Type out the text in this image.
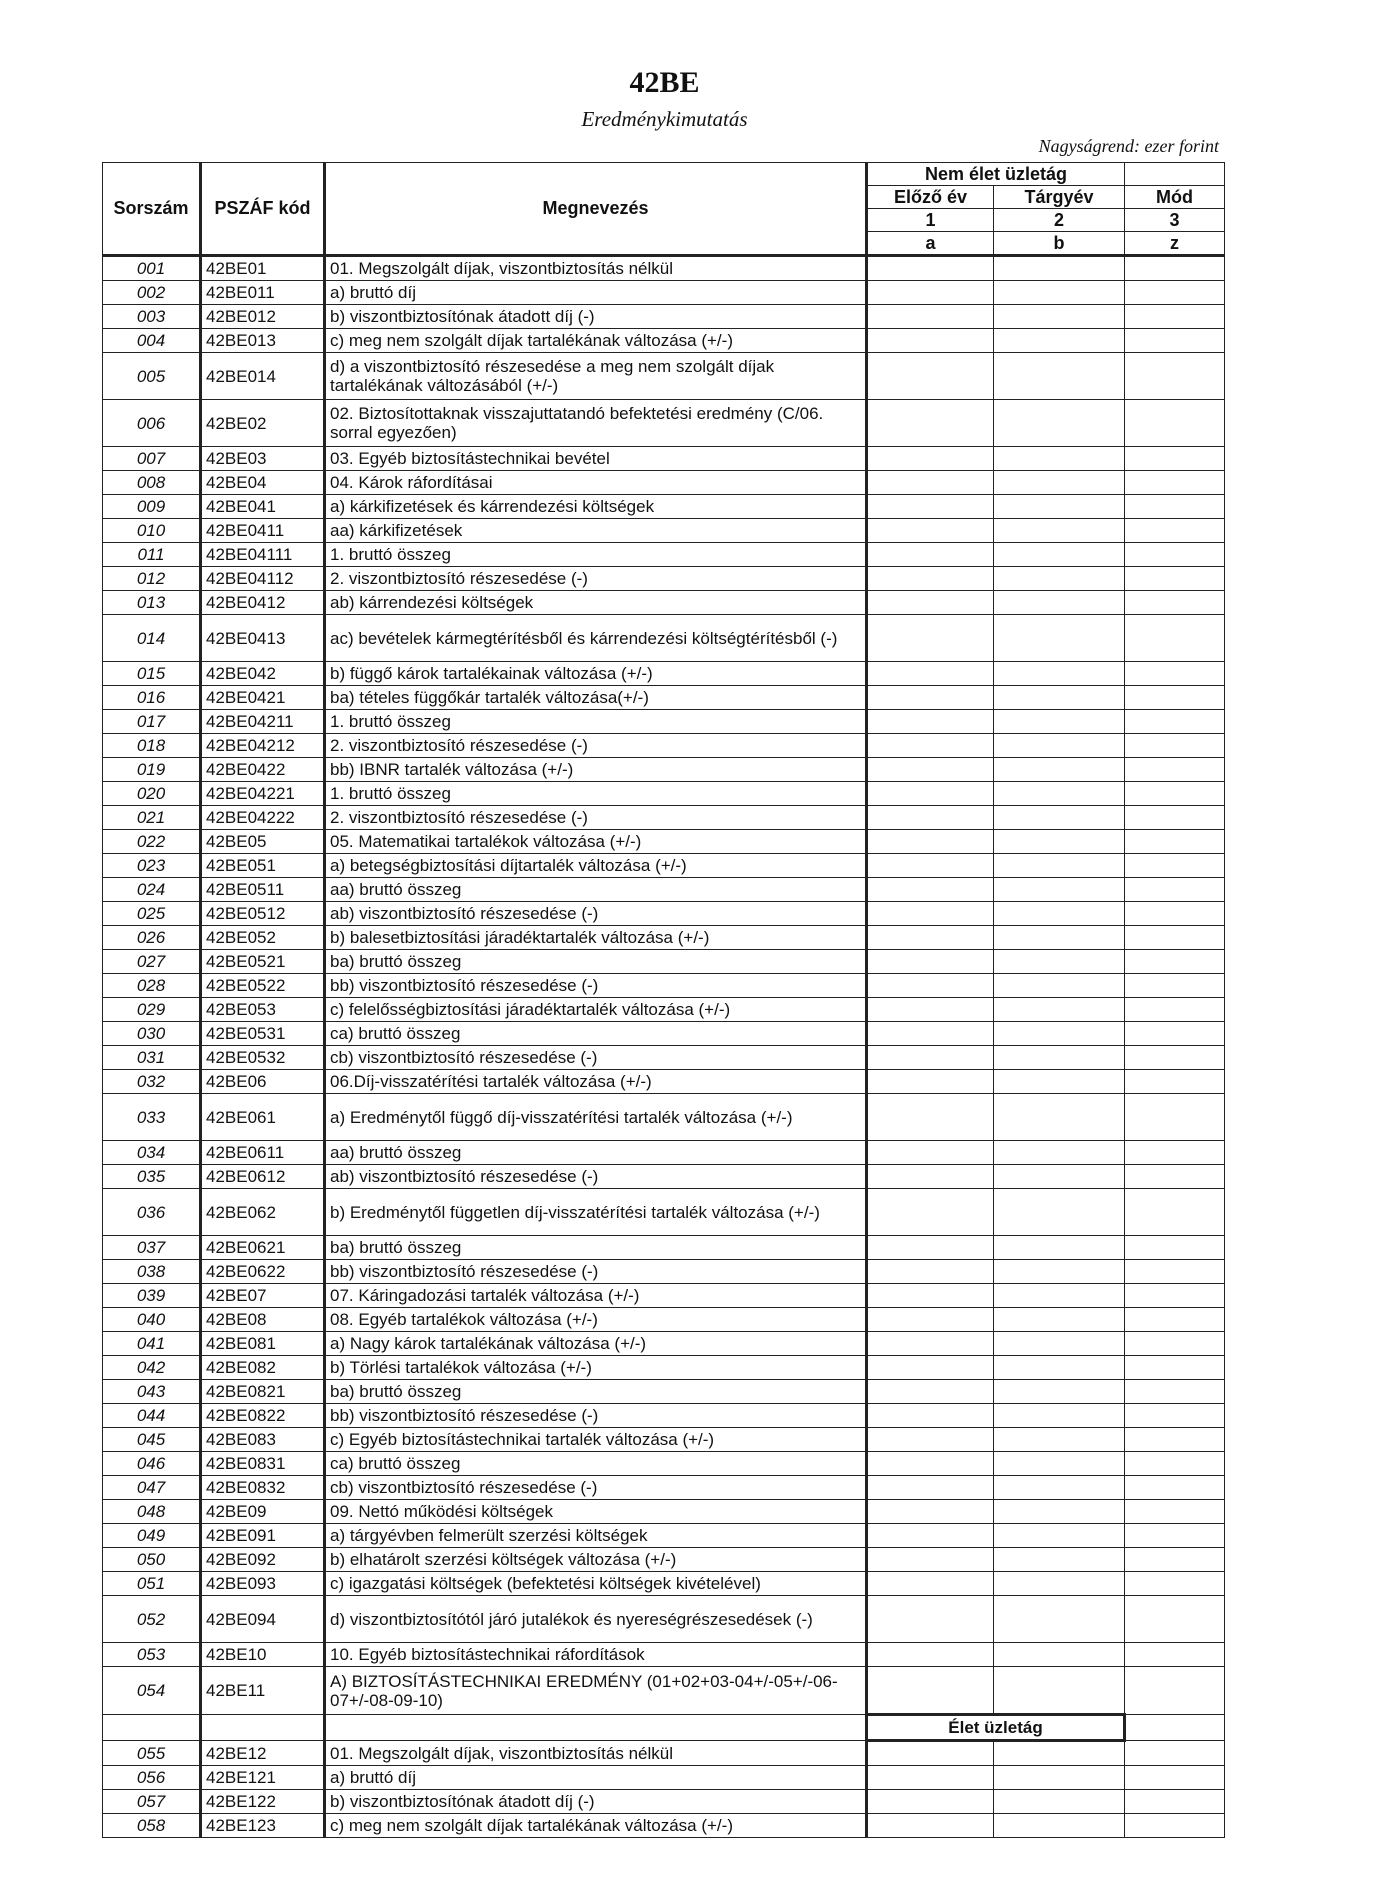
42BE
Eredménykimutatás
Nagyságrend: ezer forint
Sorszám	PSZÁF kód	Megnevezés	Nem élet üzletág		
			Előző év	Tárgyév	Mód
			1	2	3
			a	b	z
001	42BE01	01. Megszolgált díjak, viszontbiztosítás nélkül			
002	42BE011	a) bruttó díj			
003	42BE012	b) viszontbiztosítónak átadott díj (-)			
004	42BE013	c) meg nem szolgált díjak tartalékának változása (+/-)			
005	42BE014	d) a viszontbiztosító részesedése a meg nem szolgált díjak tartalékának változásából (+/-)			
006	42BE02	02. Biztosítottaknak visszajuttatandó befektetési eredmény (C/06. sorral egyezően)			
007	42BE03	03. Egyéb biztosítástechnikai bevétel			
008	42BE04	04. Károk ráfordításai			
009	42BE041	a) kárkifizetések és kárrendezési költségek			
010	42BE0411	aa) kárkifizetések			
011	42BE04111	1. bruttó összeg			
012	42BE04112	2. viszontbiztosító részesedése (-)			
013	42BE0412	ab) kárrendezési költségek			
014	42BE0413	ac) bevételek kármegtérítésből és kárrendezési költségtérítésből (-)			
015	42BE042	b) függő károk tartalékainak változása (+/-)			
016	42BE0421	ba) tételes függőkár tartalék változása(+/-)			
017	42BE04211	1. bruttó összeg			
018	42BE04212	2. viszontbiztosító részesedése (-)			
019	42BE0422	bb) IBNR tartalék változása (+/-)			
020	42BE04221	1. bruttó összeg			
021	42BE04222	2. viszontbiztosító részesedése (-)			
022	42BE05	05. Matematikai tartalékok változása (+/-)			
023	42BE051	a) betegségbiztosítási díjtartalék változása (+/-)			
024	42BE0511	aa) bruttó összeg			
025	42BE0512	ab) viszontbiztosító részesedése (-)			
026	42BE052	b) balesetbiztosítási járadéktartalék változása (+/-)			
027	42BE0521	ba) bruttó összeg			
028	42BE0522	bb) viszontbiztosító részesedése (-)			
029	42BE053	c) felelősségbiztosítási járadéktartalék változása (+/-)			
030	42BE0531	ca) bruttó összeg			
031	42BE0532	cb) viszontbiztosító részesedése (-)			
032	42BE06	06.Díj-visszatérítési tartalék változása (+/-)			
033	42BE061	a) Eredménytől függő díj-visszatérítési tartalék változása (+/-)			
034	42BE0611	aa) bruttó összeg			
035	42BE0612	ab) viszontbiztosító részesedése (-)			
036	42BE062	b) Eredménytől független díj-visszatérítési tartalék változása (+/-)			
037	42BE0621	ba) bruttó összeg			
038	42BE0622	bb) viszontbiztosító részesedése (-)			
039	42BE07	07. Káringadozási tartalék változása (+/-)			
040	42BE08	08. Egyéb tartalékok változása (+/-)			
041	42BE081	a) Nagy károk tartalékának változása (+/-)			
042	42BE082	b) Törlési tartalékok változása (+/-)			
043	42BE0821	ba) bruttó összeg			
044	42BE0822	bb) viszontbiztosító részesedése (-)			
045	42BE083	c) Egyéb biztosítástechnikai tartalék változása (+/-)			
046	42BE0831	ca) bruttó összeg			
047	42BE0832	cb) viszontbiztosító részesedése (-)			
048	42BE09	09. Nettó működési költségek			
049	42BE091	a) tárgyévben felmerült szerzési költségek			
050	42BE092	b) elhatárolt szerzési költségek változása (+/-)			
051	42BE093	c) igazgatási költségek (befektetési költségek kivételével)			
052	42BE094	d) viszontbiztosítótól járó jutalékok és nyereségrészesedések (-)			
053	42BE10	10. Egyéb biztosítástechnikai ráfordítások			
054	42BE11	A) BIZTOSÍTÁSTECHNIKAI EREDMÉNY (01+02+03-04+/-05+/-06-07+/-08-09-10)			
			Élet üzletág		
055	42BE12	01. Megszolgált díjak, viszontbiztosítás nélkül			
056	42BE121	a) bruttó díj			
057	42BE122	b) viszontbiztosítónak átadott díj (-)			
058	42BE123	c) meg nem szolgált díjak tartalékának változása (+/-)			
